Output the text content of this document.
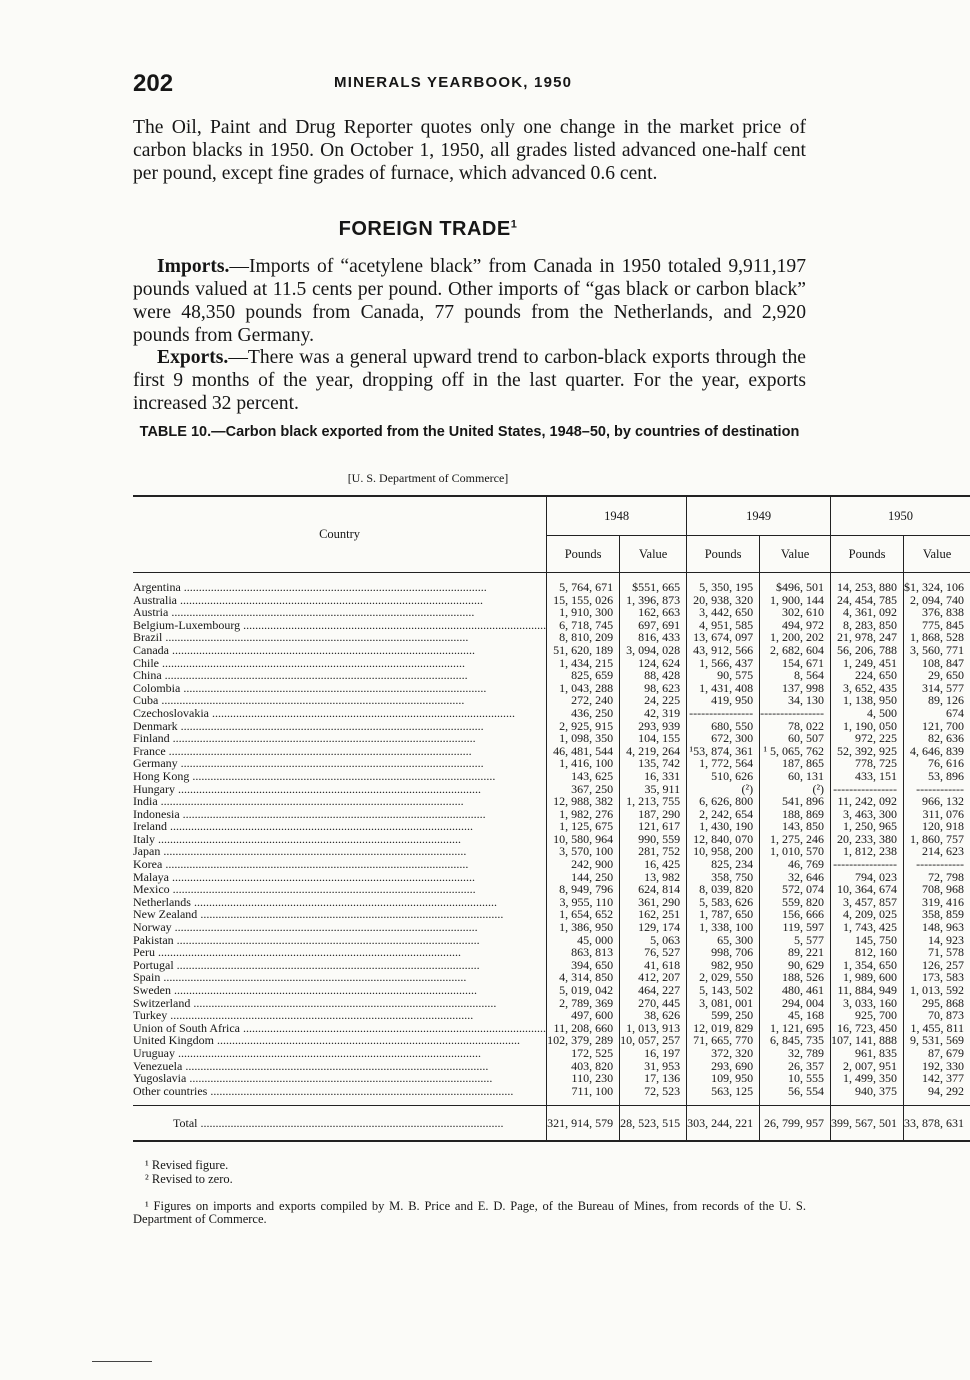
202	MINERALS YEARBOOK, 1950

The Oil, Paint and Drug Reporter quotes only one change in the market price of carbon blacks in 1950. On October 1, 1950, all grades listed advanced one-half cent per pound, except fine grades of furnace, which advanced 0.6 cent.

FOREIGN TRADE$^1$

Imports.—Imports of “acetylene black” from Canada in 1950 totaled 9,911,197 pounds valued at 11.5 cents per pound. Other imports of “gas black or carbon black” were 48,350 pounds from Canada, 77 pounds from the Netherlands, and 2,920 pounds from Germany.

Exports.—There was a general upward trend to carbon-black exports through the first 9 months of the year, dropping off in the last quarter. For the year, exports increased 32 percent.

TABLE 10.—Carbon black exported from the United States, 1948–50, by countries of destination
[U. S. Department of Commerce]
Country	1948		1949		1950	
	Pounds	Value	Pounds	Value	Pounds	Value

Argentina .....	5, 764, 671	$551, 665	5, 350, 195	$496, 501	14, 253, 880	$1, 324, 106
Australia .....	15, 155, 026	1, 396, 873	20, 938, 320	1, 900, 144	24, 454, 785	2, 094, 740
Austria .....	1, 910, 300	162, 663	3, 442, 650	302, 610	4, 361, 092	376, 838
Belgium-Luxembourg .....	6, 718, 745	697, 691	4, 951, 585	494, 972	8, 283, 850	775, 845
Brazil .....	8, 810, 209	816, 433	13, 674, 097	1, 200, 202	21, 978, 247	1, 868, 528
Canada .....	51, 620, 189	3, 094, 028	43, 912, 566	2, 682, 604	56, 206, 788	3, 560, 771
Chile .....	1, 434, 215	124, 624	1, 566, 437	154, 671	1, 249, 451	108, 847
China .....	825, 659	88, 428	90, 575	8, 564	224, 650	29, 650
Colombia .....	1, 043, 288	98, 623	1, 431, 408	137, 998	3, 652, 435	314, 577
Cuba .....	272, 240	24, 225	419, 950	34, 130	1, 138, 950	89, 126
Czechoslovakia .....	436, 250	42, 319	----------------	----------------	4, 500	674
Denmark .....	2, 925, 915	293, 939	680, 550	78, 022	1, 190, 050	121, 700
Finland .....	1, 098, 350	104, 155	672, 300	60, 507	972, 225	82, 636
France .....	46, 481, 544	4, 219, 264	¹53, 874, 361	¹ 5, 065, 762	52, 392, 925	4, 646, 839
Germany .....	1, 416, 100	135, 742	1, 772, 564	187, 865	778, 725	76, 616
Hong Kong .....	143, 625	16, 331	510, 626	60, 131	433, 151	53, 896
Hungary .....	367, 250	35, 911	(²)	(²)	----------------	------------
India .....	12, 988, 382	1, 213, 755	6, 626, 800	541, 896	11, 242, 092	966, 132
Indonesia .....	1, 982, 276	187, 290	2, 242, 654	188, 869	3, 463, 300	311, 076
Ireland .....	1, 125, 675	121, 617	1, 430, 190	143, 850	1, 250, 965	120, 918
Italy .....	10, 580, 964	990, 559	12, 840, 070	1, 275, 246	20, 233, 380	1, 860, 757
Japan .....	3, 570, 100	281, 752	10, 958, 200	1, 010, 570	1, 812, 238	214, 623
Korea .....	242, 900	16, 425	825, 234	46, 769	----------------	------------
Malaya .....	144, 250	13, 982	358, 750	32, 646	794, 023	72, 798
Mexico .....	8, 949, 796	624, 814	8, 039, 820	572, 074	10, 364, 674	708, 968
Netherlands .....	3, 955, 110	361, 290	5, 583, 626	559, 820	3, 457, 857	319, 416
New Zealand .....	1, 654, 652	162, 251	1, 787, 650	156, 666	4, 209, 025	358, 859
Norway .....	1, 386, 950	129, 174	1, 338, 100	119, 597	1, 743, 425	148, 963
Pakistan .....	45, 000	5, 063	65, 300	5, 577	145, 750	14, 923
Peru .....	863, 813	76, 527	998, 706	89, 221	812, 160	71, 578
Portugal .....	394, 650	41, 618	982, 950	90, 629	1, 354, 650	126, 257
Spain .....	4, 314, 850	412, 207	2, 029, 550	188, 526	1, 989, 600	173, 583
Sweden .....	5, 019, 042	464, 227	5, 143, 502	480, 461	11, 884, 949	1, 013, 592
Switzerland .....	2, 789, 369	270, 445	3, 081, 001	294, 004	3, 033, 160	295, 868
Turkey .....	497, 600	38, 626	599, 250	45, 168	925, 700	70, 873
Union of South Africa .....	11, 208, 660	1, 013, 913	12, 019, 829	1, 121, 695	16, 723, 450	1, 455, 811
United Kingdom .....	102, 379, 289	10, 057, 257	71, 665, 770	6, 845, 735	107, 141, 888	9, 531, 569
Uruguay .....	172, 525	16, 197	372, 320	32, 789	961, 835	87, 679
Venezuela .....	403, 820	31, 953	293, 690	26, 357	2, 007, 951	192, 330
Yugoslavia .....	110, 230	17, 136	109, 950	10, 555	1, 499, 350	142, 377
Other countries .....	711, 100	72, 523	563, 125	56, 554	940, 375	94, 292

Total .....	321, 914, 579	28, 523, 515	303, 244, 221	26, 799, 957	399, 567, 501	33, 878, 631
¹ Revised figure.
² Revised to zero.

¹ Figures on imports and exports compiled by M. B. Price and E. D. Page, of the Bureau of Mines, from records of the U. S. Department of Commerce.
